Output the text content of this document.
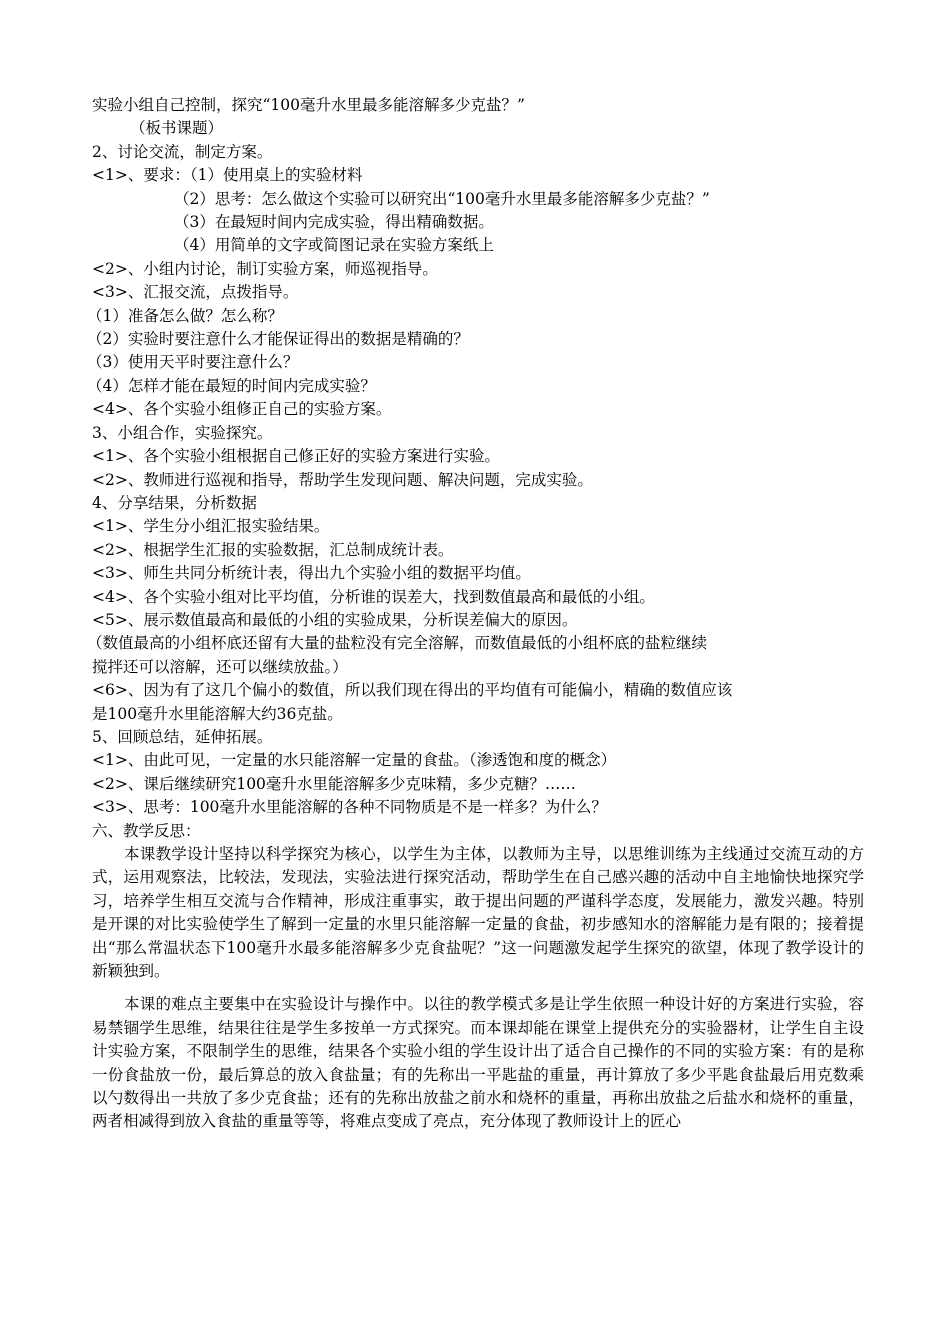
实验小组自己控制，探究“100毫升水里最多能溶解多少克盐？”
（板书课题）
2、讨论交流，制定方案。
<1>、要求：（1）使用桌上的实验材料
（2）思考：怎么做这个实验可以研究出“100毫升水里最多能溶解多少克盐？”
（3）在最短时间内完成实验，得出精确数据。
（4）用简单的文字或简图记录在实验方案纸上
<2>、小组内讨论，制订实验方案，师巡视指导。
<3>、汇报交流，点拨指导。
（1）准备怎么做？怎么称？
（2）实验时要注意什么才能保证得出的数据是精确的？
（3）使用天平时要注意什么？
（4）怎样才能在最短的时间内完成实验？
<4>、各个实验小组修正自己的实验方案。
3、小组合作，实验探究。
<1>、各个实验小组根据自己修正好的实验方案进行实验。
<2>、教师进行巡视和指导，帮助学生发现问题、解决问题，完成实验。
4、分享结果，分析数据
<1>、学生分小组汇报实验结果。
<2>、根据学生汇报的实验数据，汇总制成统计表。
<3>、师生共同分析统计表，得出九个实验小组的数据平均值。
<4>、各个实验小组对比平均值，分析谁的误差大，找到数值最高和最低的小组。
<5>、展示数值最高和最低的小组的实验成果，分析误差偏大的原因。
（数值最高的小组杯底还留有大量的盐粒没有完全溶解，而数值最低的小组杯底的盐粒继续
搅拌还可以溶解，还可以继续放盐。）
<6>、因为有了这几个偏小的数值，所以我们现在得出的平均值有可能偏小，精确的数值应该
是100毫升水里能溶解大约36克盐。
5、回顾总结，延伸拓展。
<1>、由此可见，一定量的水只能溶解一定量的食盐。（渗透饱和度的概念）
<2>、课后继续研究100毫升水里能溶解多少克味精，多少克糖？……
<3>、思考：100毫升水里能溶解的各种不同物质是不是一样多？为什么？
六、教学反思：
本课教学设计坚持以科学探究为核心，以学生为主体，以教师为主导，以思维训练为主线通过交流互动的方式，运用观察法，比较法，发现法，实验法进行探究活动，帮助学生在自己感兴趣的活动中自主地愉快地探究学习，培养学生相互交流与合作精神，形成注重事实，敢于提出问题的严谨科学态度，发展能力，激发兴趣。特别是开课的对比实验使学生了解到一定量的水里只能溶解一定量的食盐，初步感知水的溶解能力是有限的；接着提出“那么常温状态下100毫升水最多能溶解多少克食盐呢？”这一问题激发起学生探究的欲望，体现了教学设计的新颖独到。
本课的难点主要集中在实验设计与操作中。以往的教学模式多是让学生依照一种设计好的方案进行实验，容易禁锢学生思维，结果往往是学生多按单一方式探究。而本课却能在课堂上提供充分的实验器材，让学生自主设计实验方案，不限制学生的思维，结果各个实验小组的学生设计出了适合自己操作的不同的实验方案：有的是称一份食盐放一份，最后算总的放入食盐量；有的先称出一平匙盐的重量，再计算放了多少平匙食盐最后用克数乘以勺数得出一共放了多少克食盐；还有的先称出放盐之前水和烧杯的重量，再称出放盐之后盐水和烧杯的重量，两者相减得到放入食盐的重量等等，将难点变成了亮点，充分体现了教师设计上的匠心
